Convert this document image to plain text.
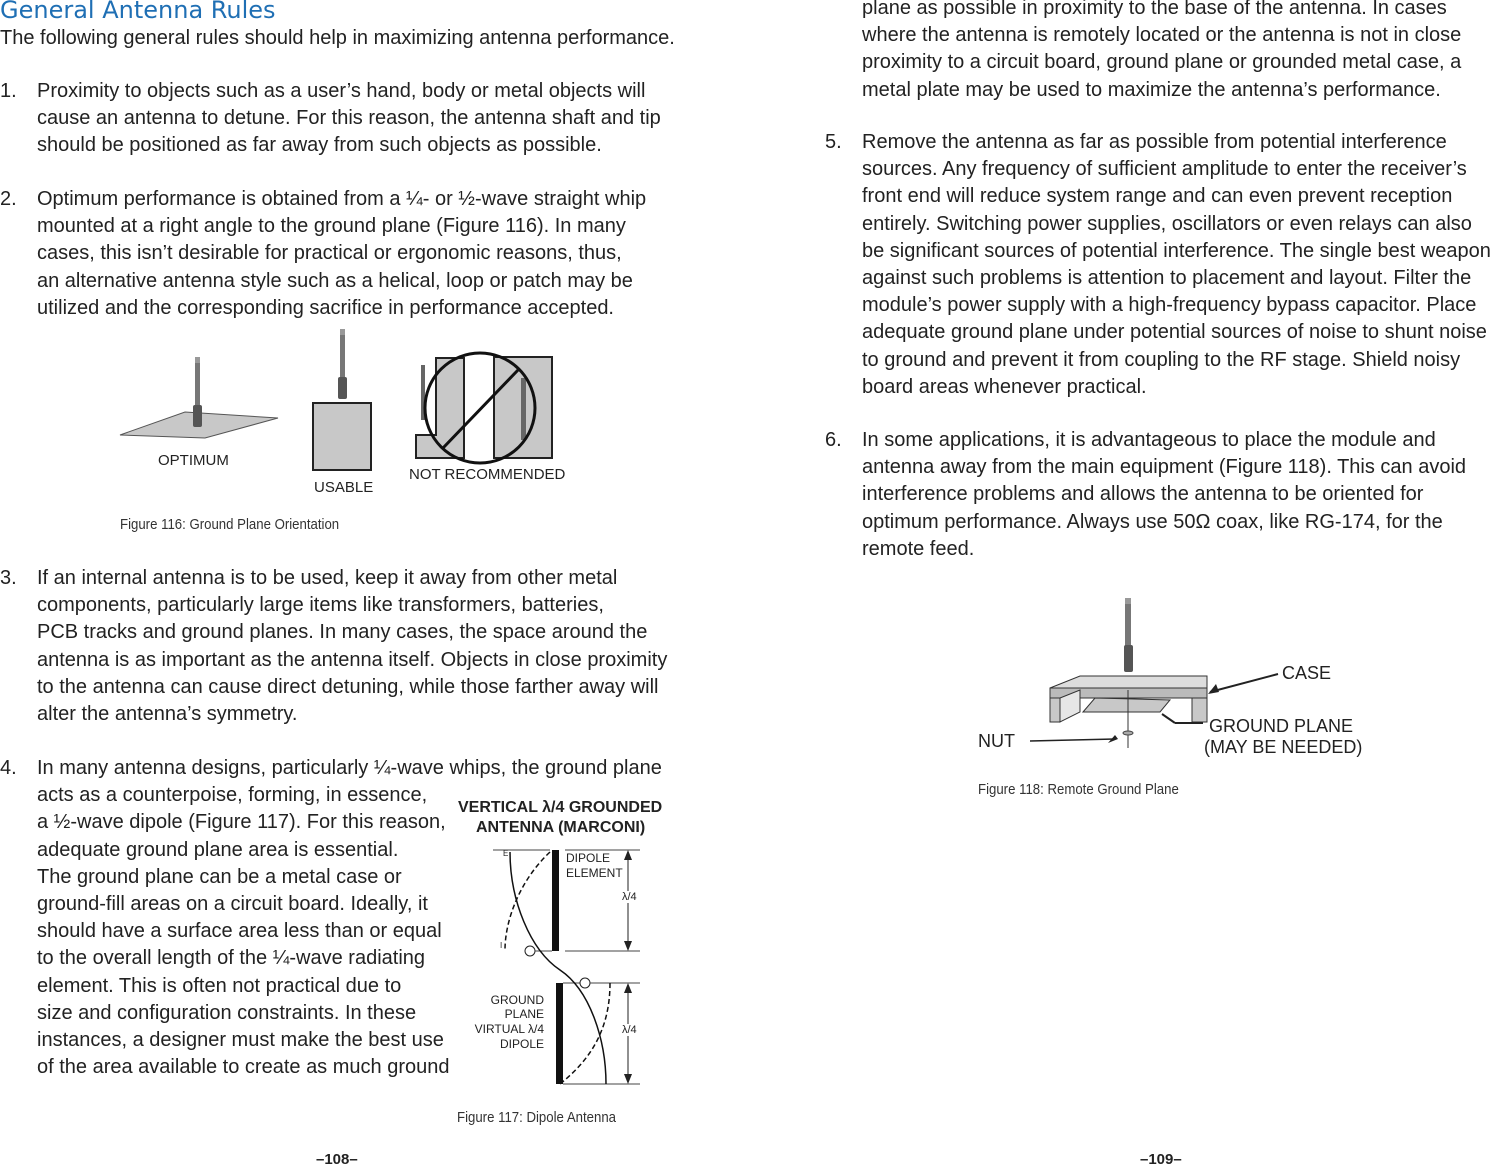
General Antenna Rules
The following general rules should help in maximizing antenna performance.
1. Proximity to objects such as a user’s hand, body or metal objects will
cause an antenna to detune. For this reason, the antenna shaft and tip
should be positioned as far away from such objects as possible.
2. Optimum performance is obtained from a ¼- or ½-wave straight whip
mounted at a right angle to the ground plane (Figure 116). In many
cases, this isn’t desirable for practical or ergonomic reasons, thus,
an alternative antenna style such as a helical, loop or patch may be
utilized and the corresponding sacrifice in performance accepted.
3. If an internal antenna is to be used, keep it away from other metal
components, particularly large items like transformers, batteries,
PCB tracks and ground planes. In many cases, the space around the
antenna is as important as the antenna itself. Objects in close proximity
to the antenna can cause direct detuning, while those farther away will
alter the antenna’s symmetry.
4. In many antenna designs, particularly ¼-wave whips, the ground plane
acts as a counterpoise, forming, in essence,
a ½-wave dipole (Figure 117). For this reason,
adequate ground plane area is essential.
The ground plane can be a metal case or
ground-fill areas on a circuit board. Ideally, it
should have a surface area less than or equal
to the overall length of the ¼-wave radiating
element. This is often not practical due to
size and configuration constraints. In these
instances, a designer must make the best use
of the area available to create as much ground
plane as possible in proximity to the base of the antenna. In cases
where the antenna is remotely located or the antenna is not in close
proximity to a circuit board, ground plane or grounded metal case, a
metal plate may be used to maximize the antenna’s performance.
5. Remove the antenna as far as possible from potential interference
sources. Any frequency of sufficient amplitude to enter the receiver’s
front end will reduce system range and can even prevent reception
entirely. Switching power supplies, oscillators or even relays can also
be significant sources of potential interference. The single best weapon
against such problems is attention to placement and layout. Filter the
module’s power supply with a high-frequency bypass capacitor. Place
adequate ground plane under potential sources of noise to shunt noise
to ground and prevent it from coupling to the RF stage. Shield noisy
board areas whenever practical.
6. In some applications, it is advantageous to place the module and
antenna away from the main equipment (Figure 118). This can avoid
interference problems and allows the antenna to be oriented for
optimum performance. Always use 50Ω coax, like RG-174, for the
remote feed.
OPTIMUM
USABLE
NOT RECOMMENDED
Figure 116: Ground Plane Orientation
VERTICAL λ/4 GROUNDED
ANTENNA (MARCONI)
E
I
DIPOLE
ELEMENT
λ/4
λ/4
GROUND
PLANE
VIRTUAL λ/4
DIPOLE
Figure 117: Dipole Antenna
CASE
GROUND PLANE
(MAY BE NEEDED)
NUT
Figure 118: Remote Ground Plane
–108–	–109–
